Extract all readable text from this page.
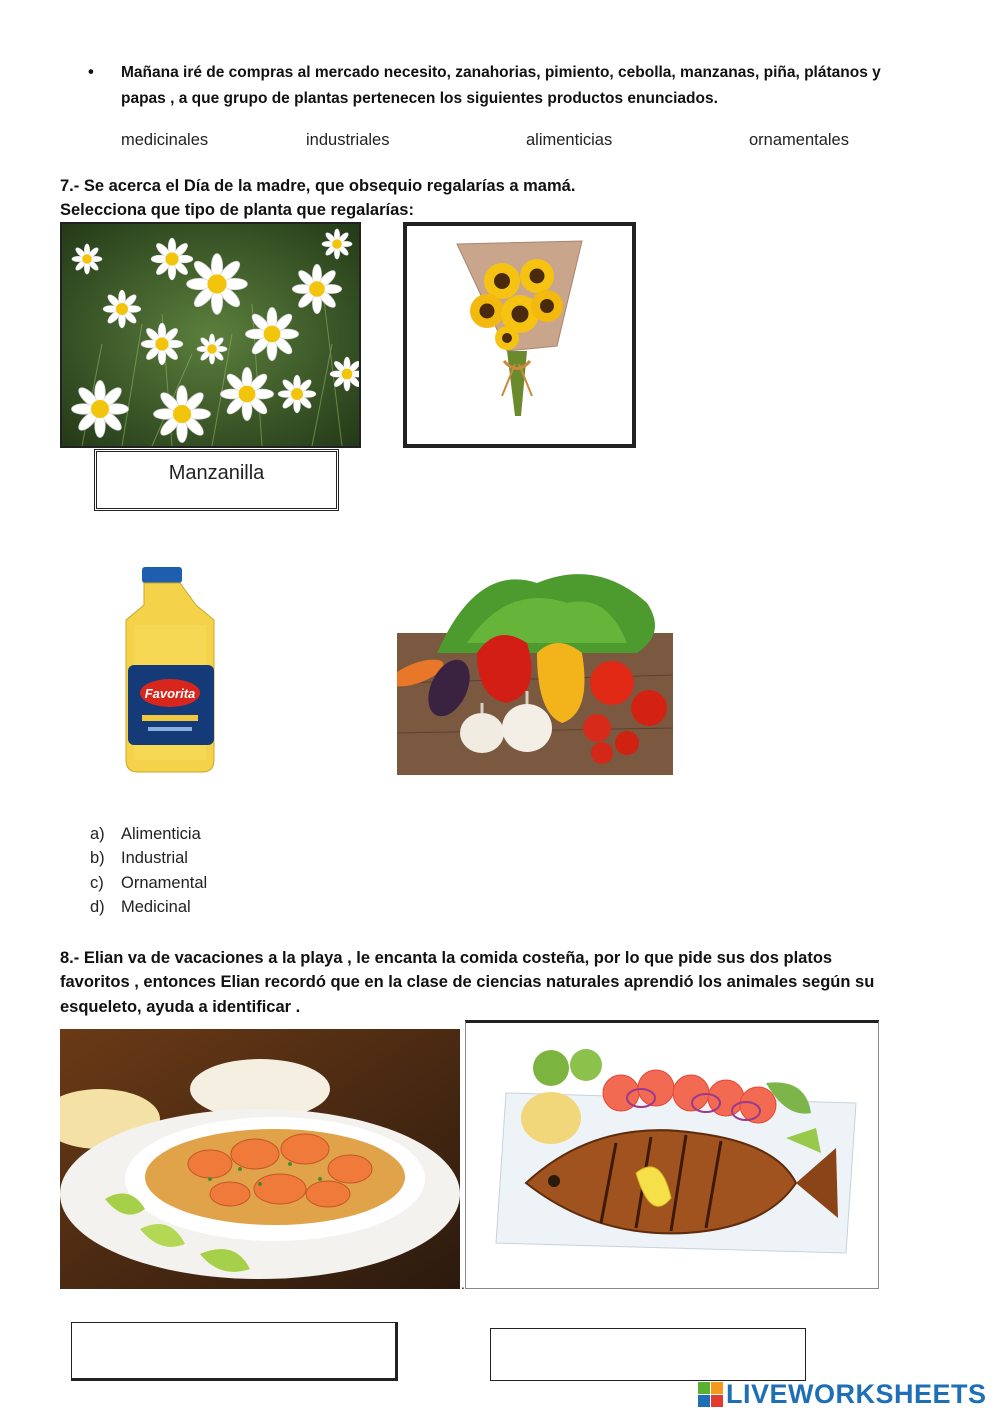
• Mañana iré de compras al mercado necesito, zanahorias, pimiento, cebolla, manzanas, piña, plátanos y
papas , a que grupo de plantas pertenecen los siguientes productos enunciados.
medicinales	industriales	alimenticias	ornamentales
7.- Se acerca el Día de la madre, que obsequio regalarías a mamá.
Selecciona que tipo de planta que regalarías:
Manzanilla
Favorita
a) Alimenticia
b) Industrial
c) Ornamental
d) Medicinal
8.- Elian va de vacaciones a la playa , le encanta la comida costeña, por lo que pide sus dos platos
favoritos , entonces Elian recordó que en la clase de ciencias naturales aprendió los animales según su
esqueleto, ayuda a identificar .
.
LIVEWORKSHEETS
